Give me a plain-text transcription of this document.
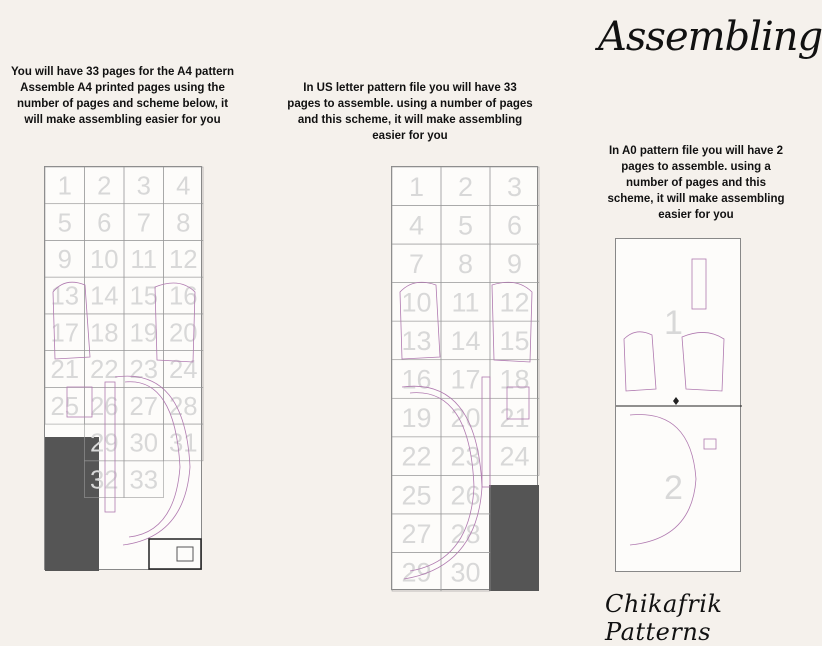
Assembling
You will have 33 pages for the A4 pattern
Assemble A4 printed pages using the
number of pages and scheme below, it
will make assembling easier for you
In US letter pattern file you will have 33
pages to assemble. using a number of pages
and this scheme, it will make assembling
easier for you
In A0 pattern file you will have 2
pages to assemble. using a
number of pages and this
scheme, it will make assembling
easier for you
1 2 3 4
5 6 7 8
9 10 11 12
13 14 15 16
17 18 19 20
21 22 23 24
25 26 27 28
29 30 31
32 33
1 2 3
4 5 6
7 8 9
10 11 12
13 14 15
16 17 18
19 20 21
22 23 24
25 26
27 28
29 30
1
2
Chikafrik Patterns
